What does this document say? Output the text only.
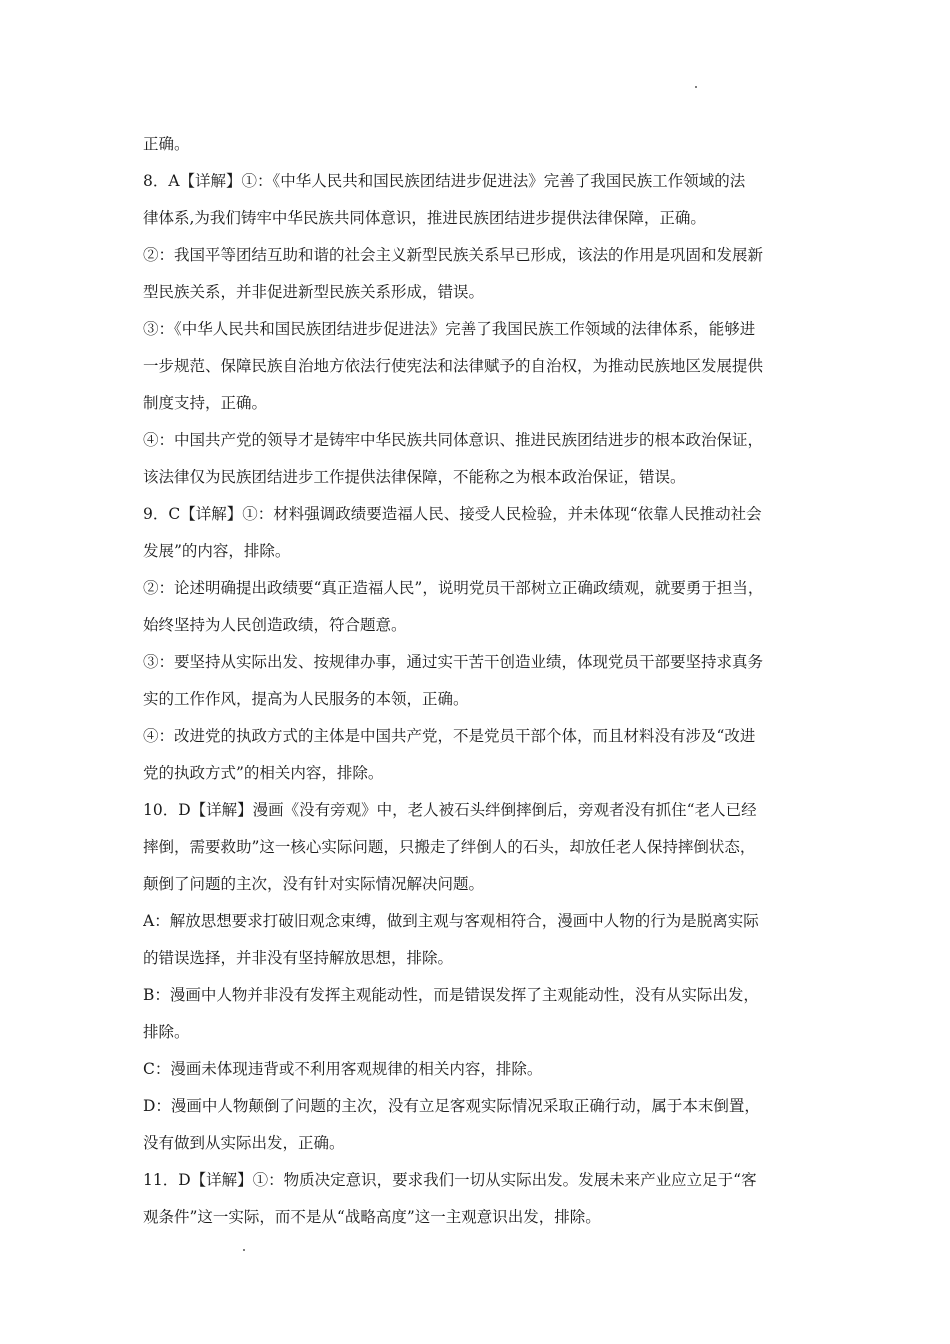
正确。
8．A【详解】①：《中华人民共和国民族团结进步促进法》完善了我国民族工作领域的法
律体系,为我们铸牢中华民族共同体意识，推进民族团结进步提供法律保障，正确。
②：我国平等团结互助和谐的社会主义新型民族关系早已形成，该法的作用是巩固和发展新
型民族关系，并非促进新型民族关系形成，错误。
③：《中华人民共和国民族团结进步促进法》完善了我国民族工作领域的法律体系，能够进
一步规范、保障民族自治地方依法行使宪法和法律赋予的自治权，为推动民族地区发展提供
制度支持，正确。
④：中国共产党的领导才是铸牢中华民族共同体意识、推进民族团结进步的根本政治保证，
该法律仅为民族团结进步工作提供法律保障，不能称之为根本政治保证，错误。
9．C【详解】①：材料强调政绩要造福人民、接受人民检验，并未体现“依靠人民推动社会
发展”的内容，排除。
②：论述明确提出政绩要“真正造福人民”，说明党员干部树立正确政绩观，就要勇于担当，
始终坚持为人民创造政绩，符合题意。
③：要坚持从实际出发、按规律办事，通过实干苦干创造业绩，体现党员干部要坚持求真务
实的工作作风，提高为人民服务的本领，正确。
④：改进党的执政方式的主体是中国共产党，不是党员干部个体，而且材料没有涉及“改进
党的执政方式”的相关内容，排除。
10．D【详解】漫画《没有旁观》中，老人被石头绊倒摔倒后，旁观者没有抓住“老人已经
摔倒，需要救助”这一核心实际问题，只搬走了绊倒人的石头，却放任老人保持摔倒状态，
颠倒了问题的主次，没有针对实际情况解决问题。
A：解放思想要求打破旧观念束缚，做到主观与客观相符合，漫画中人物的行为是脱离实际
的错误选择，并非没有坚持解放思想，排除。
B：漫画中人物并非没有发挥主观能动性，而是错误发挥了主观能动性，没有从实际出发，
排除。
C：漫画未体现违背或不利用客观规律的相关内容，排除。
D：漫画中人物颠倒了问题的主次，没有立足客观实际情况采取正确行动，属于本末倒置，
没有做到从实际出发，正确。
11．D【详解】①：物质决定意识，要求我们一切从实际出发。发展未来产业应立足于“客
观条件”这一实际，而不是从“战略高度”这一主观意识出发，排除。
